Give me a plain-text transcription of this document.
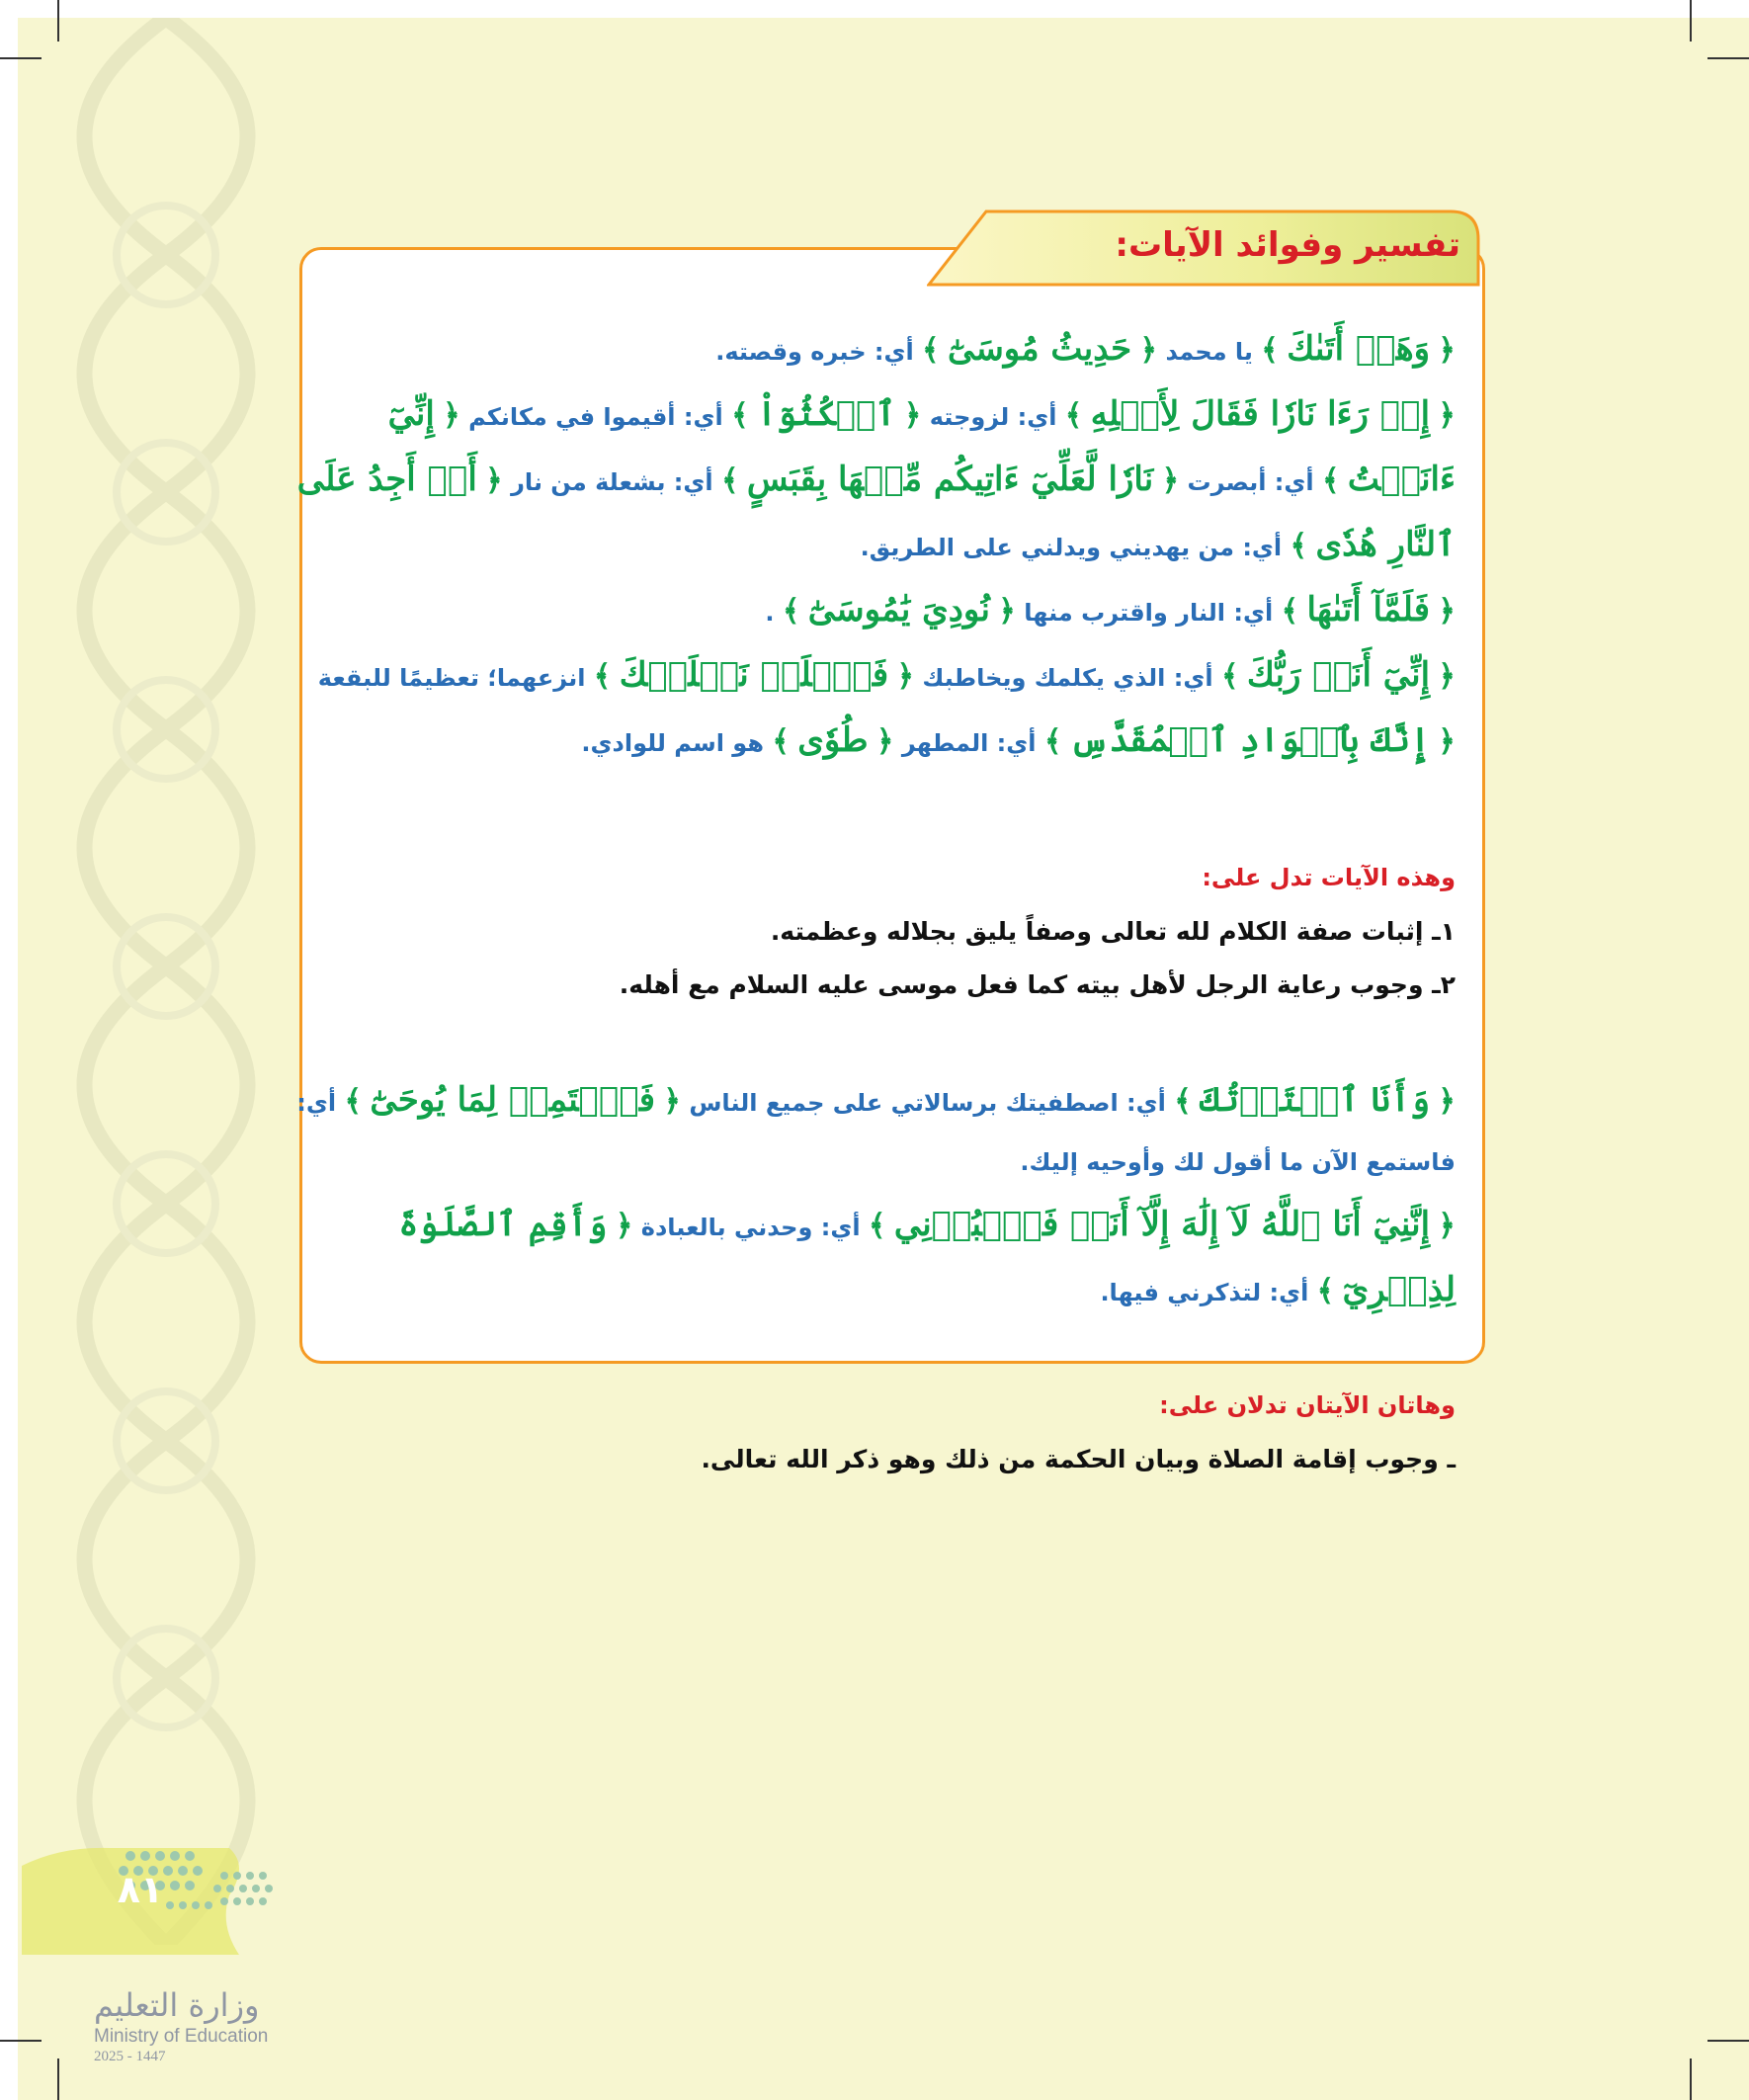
تفسير وفوائد الآيات:
﴿ وَهَلۡ أَتَىٰكَ ﴾ يا محمد ﴿ حَدِيثُ مُوسَىٰٓ ﴾ أي: خبره وقصته.
﴿ إِذۡ رَءَا نَارٗا فَقَالَ لِأَهۡلِهِ ﴾ أي: لزوجته ﴿ ٱمۡكُثُوٓاْ ﴾ أي: أقيموا في مكانكم ﴿ إِنِّيٓ
ءَانَسۡتُ ﴾ أي: أبصرت ﴿ نَارٗا لَّعَلِّيٓ ءَاتِيكُم مِّنۡهَا بِقَبَسٍ ﴾ أي: بشعلة من نار ﴿ أَوۡ أَجِدُ عَلَى
ٱلنَّارِ هُدٗى ﴾ أي: من يهديني ويدلني على الطريق.
﴿ فَلَمَّآ أَتَىٰهَا ﴾ أي: النار واقترب منها ﴿ نُودِيَ يَٰمُوسَىٰٓ ﴾ .
﴿ إِنِّيٓ أَنَا۠ رَبُّكَ ﴾ أي: الذي يكلمك ويخاطبك ﴿ فَٱخۡلَعۡ نَعۡلَيۡكَ ﴾ انزعهما؛ تعظيمًا للبقعة
﴿ إِنَّكَ بِٱلۡوَادِ ٱلۡمُقَدَّسِ ﴾ أي: المطهر ﴿ طُوٗى ﴾ هو اسم للوادي.
وهذه الآيات تدل على:
١ـ إثبات صفة الكلام لله تعالى وصفاً يليق بجلاله وعظمته.
٢ـ وجوب رعاية الرجل لأهل بيته كما فعل موسى عليه السلام مع أهله.
﴿ وَأَنَا ٱخۡتَرۡتُكَ ﴾ أي: اصطفيتك برسالاتي على جميع الناس ﴿ فَٱسۡتَمِعۡ لِمَا يُوحَىٰٓ ﴾ أي:
فاستمع الآن ما أقول لك وأوحيه إليك.
﴿ إِنَّنِيٓ أَنَا ٱللَّهُ لَآ إِلَٰهَ إِلَّآ أَنَا۠ فَٱعۡبُدۡنِي ﴾ أي: وحدني بالعبادة ﴿ وَأَقِمِ ٱلصَّلَوٰةَ
لِذِكۡرِيٓ ﴾ أي: لتذكرني فيها.
وهاتان الآيتان تدلان على:
ـ وجوب إقامة الصلاة وبيان الحكمة من ذلك وهو ذكر الله تعالى.
٨١
وزارة التعليم
Ministry of Education
2025 - 1447
